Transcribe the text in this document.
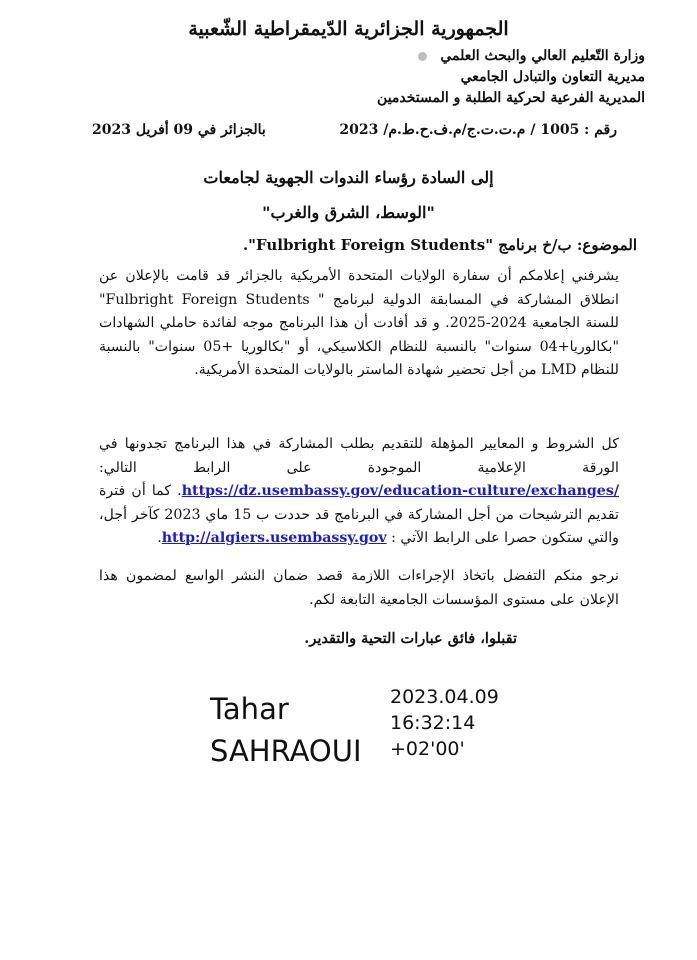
الجمهورية الجزائرية الدّيمقراطية الشّعبية
وزارة التّعليم العالي والبحث العلمي
مديرية التعاون والتبادل الجامعي
المديرية الفرعية لحركية الطلبة و المستخدمين
رقم : 1005 / م.ت.ت.ج/م.ف.ح.ط.م/ 2023
بالجزائر في 09 أفريل 2023
إلى السادة رؤساء الندوات الجهوية لجامعات
"الوسط، الشرق والغرب"
الموضوع: ب/خ برنامج "Fulbright Foreign Students".
يشرفني إعلامكم أن سفارة الولايات المتحدة الأمريكية بالجزائر قد قامت بالإعلان عن انطلاق المشاركة في المسابقة الدولية لبرنامج " Fulbright Foreign Students" للسنة الجامعية 2024-2025. و قد أفادت أن هذا البرنامج موجه لفائدة حاملي الشهادات "بكالوريا+04 سنوات" بالنسبة للنظام الكلاسيكي، أو "بكالوريا +05 سنوات" بالنسبة للنظام LMD من أجل تحضير شهادة الماستر بالولايات المتحدة الأمريكية.
كل الشروط و المعايير المؤهلة للتقديم بطلب المشاركة في هذا البرنامج تجدونها في الورقة الإعلامية الموجودة على الرابط التالي: https://dz.usembassy.gov/education-culture/exchanges/. كما أن فترة تقديم الترشيحات من أجل المشاركة في البرنامج قد حددت ب 15 ماي 2023 كآخر أجل، والتي ستكون حصرا على الرابط الآتي : http://algiers.usembassy.gov.
نرجو منكم التفضل باتخاذ الإجراءات اللازمة قصد ضمان النشر الواسع لمضمون هذا الإعلان على مستوى المؤسسات الجامعية التابعة لكم.
تقبلوا، فائق عبارات التحية والتقدير.
Tahar
SAHRAOUI
2023.04.09
16:32:14
+02'00'
